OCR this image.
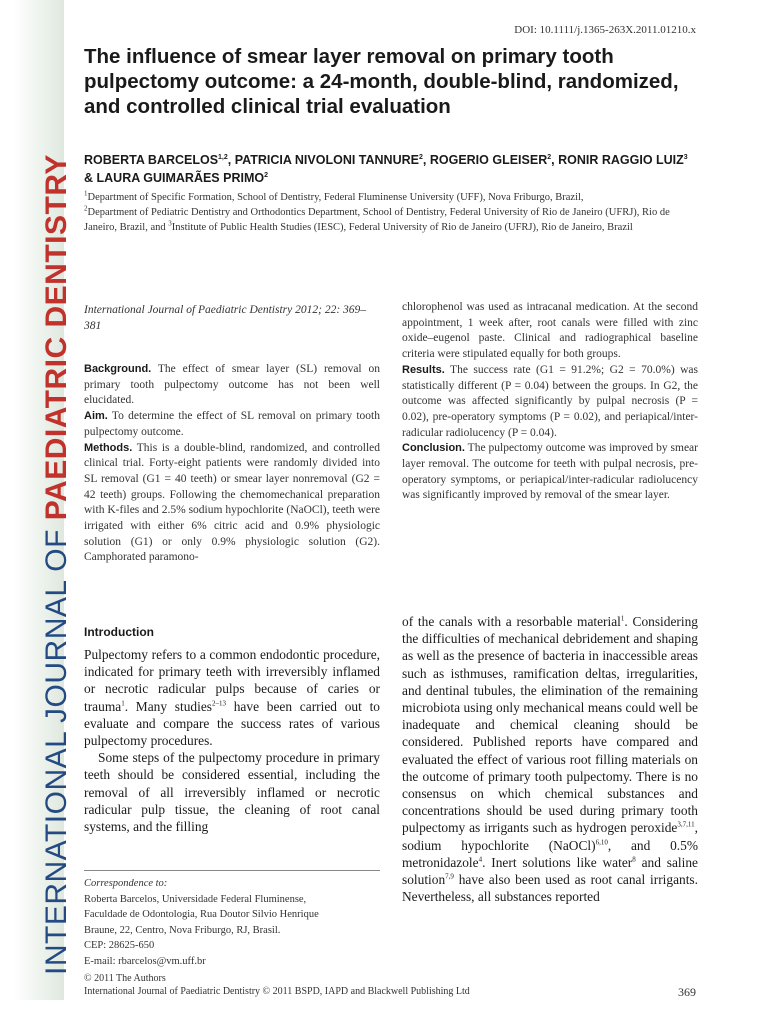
INTERNATIONAL JOURNAL OF PAEDIATRIC DENTISTRY
DOI: 10.1111/j.1365-263X.2011.01210.x
The influence of smear layer removal on primary tooth pulpectomy outcome: a 24-month, double-blind, randomized, and controlled clinical trial evaluation
ROBERTA BARCELOS$^{1,2}$, PATRICIA NIVOLONI TANNURE$^2$, ROGERIO GLEISER$^2$, RONIR RAGGIO LUIZ$^3$ & LAURA GUIMARÃES PRIMO$^2$
$^1$Department of Specific Formation, School of Dentistry, Federal Fluminense University (UFF), Nova Friburgo, Brazil,
$^2$Department of Pediatric Dentistry and Orthodontics Department, School of Dentistry, Federal University of Rio de Janeiro (UFRJ), Rio de Janeiro, Brazil, and $^3$Institute of Public Health Studies (IESC), Federal University of Rio de Janeiro (UFRJ), Rio de Janeiro, Brazil
International Journal of Paediatric Dentistry 2012; 22: 369–381

Background. The effect of smear layer (SL) removal on primary tooth pulpectomy outcome has not been well elucidated.

Aim. To determine the effect of SL removal on primary tooth pulpectomy outcome.

Methods. This is a double-blind, randomized, and controlled clinical trial. Forty-eight patients were randomly divided into SL removal (G1 = 40 teeth) or smear layer nonremoval (G2 = 42 teeth) groups. Following the chemomechanical preparation with K-files and 2.5% sodium hypochlorite (NaOCl), teeth were irrigated with either 6% citric acid and 0.9% physiologic solution (G1) or only 0.9% physiologic solution (G2). Camphorated paramono-

chlorophenol was used as intracanal medication. At the second appointment, 1 week after, root canals were filled with zinc oxide–eugenol paste. Clinical and radiographical baseline criteria were stipulated equally for both groups.

Results. The success rate (G1 = 91.2%; G2 = 70.0%) was statistically different (P = 0.04) between the groups. In G2, the outcome was affected significantly by pulpal necrosis (P = 0.02), pre-operatory symptoms (P = 0.02), and periapical/inter-radicular radiolucency (P = 0.04).

Conclusion. The pulpectomy outcome was improved by smear layer removal. The outcome for teeth with pulpal necrosis, pre-operatory symptoms, or periapical/inter-radicular radiolucency was significantly improved by removal of the smear layer.

Introduction

Pulpectomy refers to a common endodontic procedure, indicated for primary teeth with irreversibly inflamed or necrotic radicular pulps because of caries or trauma$^1$. Many studies$^{2-13}$ have been carried out to evaluate and compare the success rates of various pulpectomy procedures.

Some steps of the pulpectomy procedure in primary teeth should be considered essential, including the removal of all irreversibly inflamed or necrotic radicular pulp tissue, the cleaning of root canal systems, and the filling

of the canals with a resorbable material$^1$. Considering the difficulties of mechanical debridement and shaping as well as the presence of bacteria in inaccessible areas such as isthmuses, ramification deltas, irregularities, and dentinal tubules, the elimination of the remaining microbiota using only mechanical means could well be inadequate and chemical cleaning should be considered. Published reports have compared and evaluated the effect of various root filling materials on the outcome of primary tooth pulpectomy. There is no consensus on which chemical substances and concentrations should be used during primary tooth pulpectomy as irrigants such as hydrogen peroxide$^{3,7,11}$, sodium hypochlorite (NaOCl)$^{6,10}$, and 0.5% metronidazole$^4$. Inert solutions like water$^8$ and saline solution$^{7,9}$ have also been used as root canal irrigants. Nevertheless, all substances reported

Correspondence to:
Roberta Barcelos, Universidade Federal Fluminense,
Faculdade de Odontologia, Rua Doutor Silvio Henrique
Braune, 22, Centro, Nova Friburgo, RJ, Brasil.
CEP: 28625-650
E-mail: rbarcelos@vm.uff.br
© 2011 The Authors
International Journal of Paediatric Dentistry © 2011 BSPD, IAPD and Blackwell Publishing Ltd	369
